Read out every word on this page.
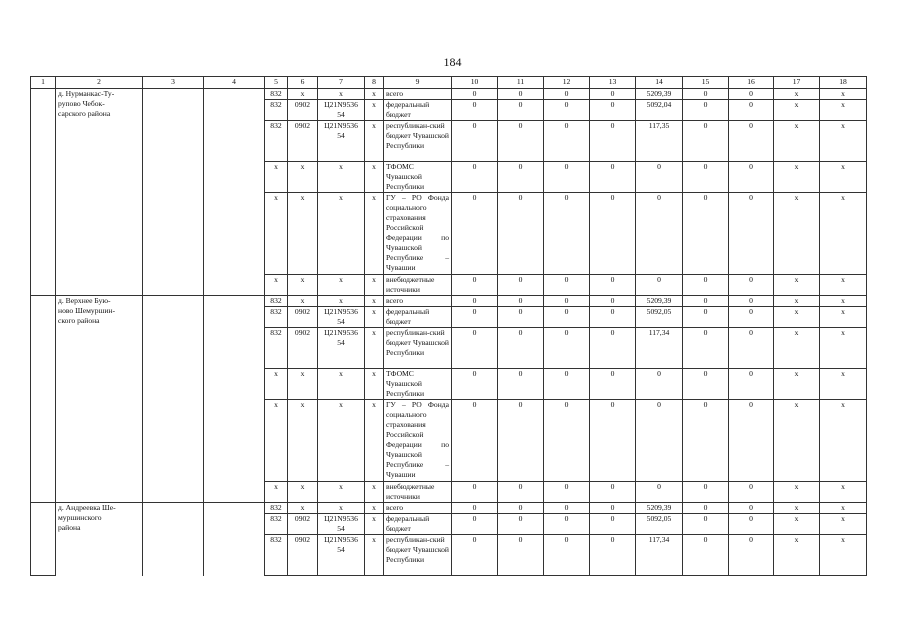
184
1	2	3	4	5	6	7	8	9	10	11	12	13	14	15	16	17	18

	д. Нурманкас-Ту-
рупово Чебок-
сарского района			832	x	x	x	всего	0	0	0	0	5209,39	0	0	x	x
				832	0902	Ц21N9536 54	x	федеральный бюджет	0	0	0	0	5092,04	0	0	x	x
				832	0902	Ц21N9536 54	x	республикан-ский бюджет Чувашской Республики	0	0	0	0	117,35	0	0	x	x
				x	x	x	x	ТФОМС Чувашской Республики	0	0	0	0	0	0	0	x	x
				x	x	x	x	ГУ – РО Фонда социального страхования Российской Федерации по Чувашской Республике – Чувашии	0	0	0	0	0	0	0	x	x
				x	x	x	x	внебюджетные источники	0	0	0	0	0	0	0	x	x

	д. Верхнее Бую-
ново Шемуршин-
ского района			832	x	x	x	всего	0	0	0	0	5209,39	0	0	x	x
				832	0902	Ц21N9536 54	x	федеральный бюджет	0	0	0	0	5092,05	0	0	x	x
				832	0902	Ц21N9536 54	x	республикан-ский бюджет Чувашской Республики	0	0	0	0	117,34	0	0	x	x
				x	x	x	x	ТФОМС Чувашской Республики	0	0	0	0	0	0	0	x	x
				x	x	x	x	ГУ – РО Фонда социального страхования Российской Федерации по Чувашской Республике – Чувашии	0	0	0	0	0	0	0	x	x
				x	x	x	x	внебюджетные источники	0	0	0	0	0	0	0	x	x

	д. Андреевка Ше-
муршинского
района			832	x	x	x	всего	0	0	0	0	5209,39	0	0	x	x
				832	0902	Ц21N9536 54	x	федеральный бюджет	0	0	0	0	5092,05	0	0	x	x
				832	0902	Ц21N9536 54	x	республикан-ский бюджет Чувашской Республики	0	0	0	0	117,34	0	0	x	x
